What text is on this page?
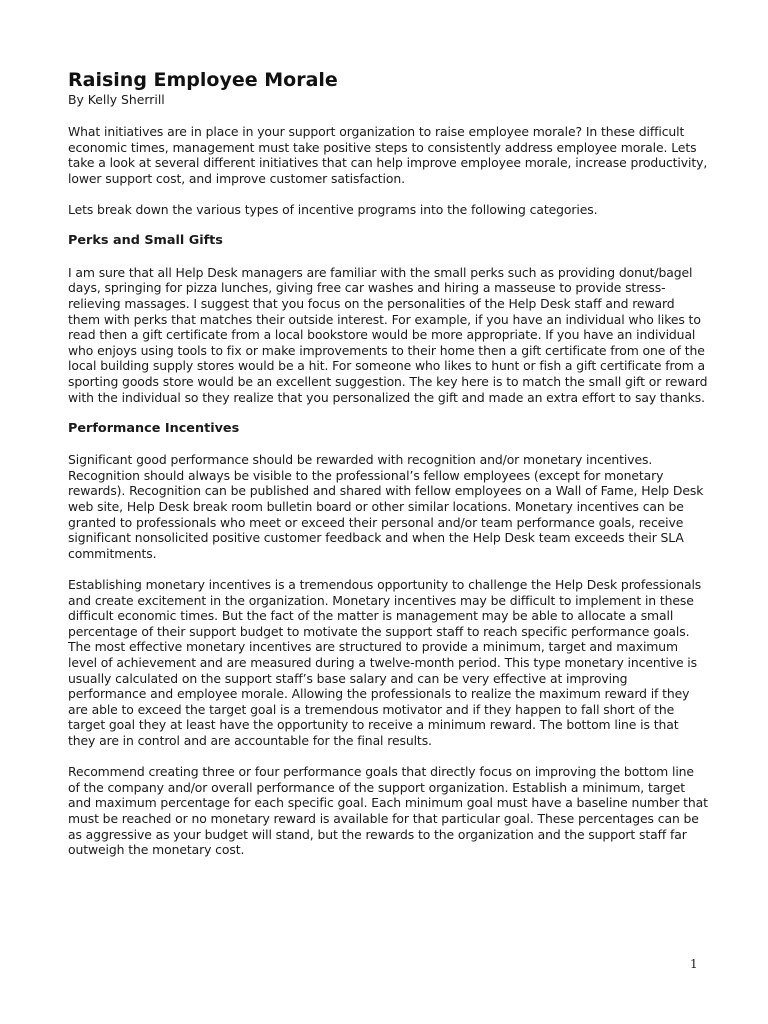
Raising Employee Morale

By Kelly Sherrill

What initiatives are in place in your support organization to raise employee morale? In these difficult economic times, management must take positive steps to consistently address employee morale. Lets take a look at several different initiatives that can help improve employee morale, increase productivity, lower support cost, and improve customer satisfaction.

Lets break down the various types of incentive programs into the following categories.

Perks and Small Gifts

I am sure that all Help Desk managers are familiar with the small perks such as providing donut/bagel days, springing for pizza lunches, giving free car washes and hiring a masseuse to provide stress-relieving massages. I suggest that you focus on the personalities of the Help Desk staff and reward them with perks that matches their outside interest. For example, if you have an individual who likes to read then a gift certificate from a local bookstore would be more appropriate. If you have an individual who enjoys using tools to fix or make improvements to their home then a gift certificate from one of the local building supply stores would be a hit. For someone who likes to hunt or fish a gift certificate from a sporting goods store would be an excellent suggestion. The key here is to match the small gift or reward with the individual so they realize that you personalized the gift and made an extra effort to say thanks.

Performance Incentives

Significant good performance should be rewarded with recognition and/or monetary incentives. Recognition should always be visible to the professional’s fellow employees (except for monetary rewards). Recognition can be published and shared with fellow employees on a Wall of Fame, Help Desk web site, Help Desk break room bulletin board or other similar locations. Monetary incentives can be granted to professionals who meet or exceed their personal and/or team performance goals, receive significant nonsolicited positive customer feedback and when the Help Desk team exceeds their SLA commitments.

Establishing monetary incentives is a tremendous opportunity to challenge the Help Desk professionals and create excitement in the organization. Monetary incentives may be difficult to implement in these difficult economic times. But the fact of the matter is management may be able to allocate a small percentage of their support budget to motivate the support staff to reach specific performance goals. The most effective monetary incentives are structured to provide a minimum, target and maximum level of achievement and are measured during a twelve-month period. This type monetary incentive is usually calculated on the support staff’s base salary and can be very effective at improving performance and employee morale. Allowing the professionals to realize the maximum reward if they are able to exceed the target goal is a tremendous motivator and if they happen to fall short of the target goal they at least have the opportunity to receive a minimum reward. The bottom line is that they are in control and are accountable for the final results.

Recommend creating three or four performance goals that directly focus on improving the bottom line of the company and/or overall performance of the support organization. Establish a minimum, target and maximum percentage for each specific goal. Each minimum goal must have a baseline number that must be reached or no monetary reward is available for that particular goal. These percentages can be as aggressive as your budget will stand, but the rewards to the organization and the support staff far outweigh the monetary cost.

1
